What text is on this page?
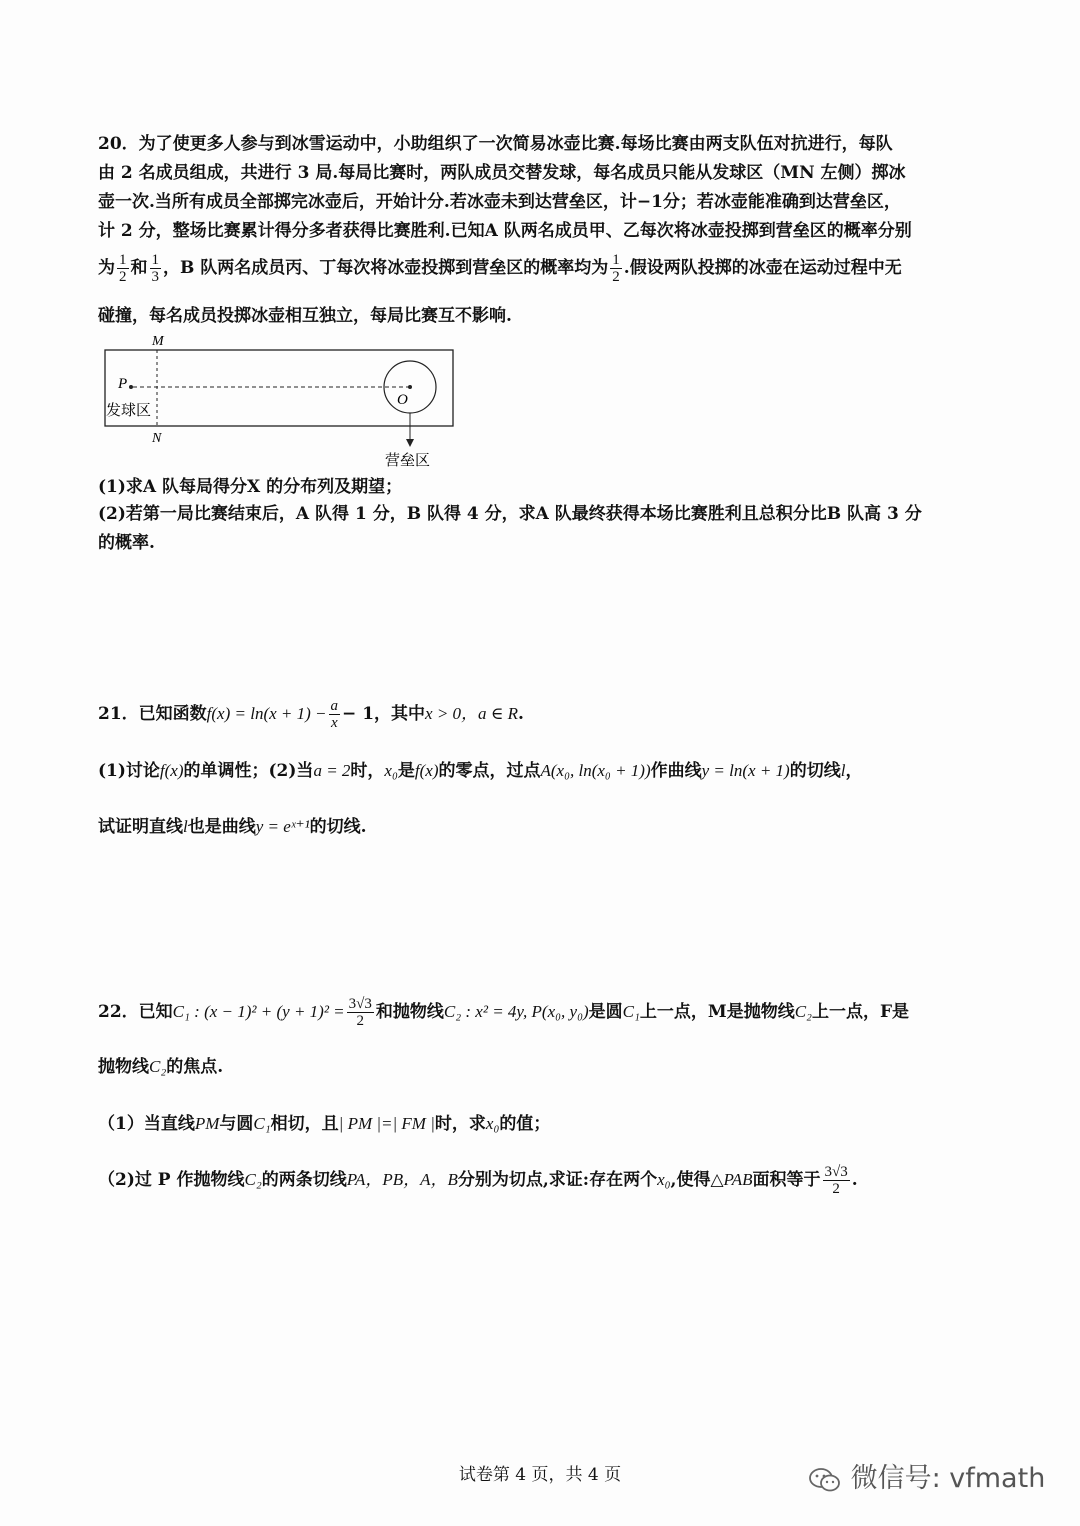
20．为了使更多人参与到冰雪运动中，小助组织了一次简易冰壶比赛.每场比赛由两支队伍对抗进行，每队
由 2 名成员组成，共进行 3 局.每局比赛时，两队成员交替发球，每名成员只能从发球区（MN 左侧）掷冰
壶一次.当所有成员全部掷完冰壶后，开始计分.若冰壶未到达营垒区，计−1分；若冰壶能准确到达营垒区，
计 2 分，整场比赛累计得分多者获得比赛胜利.已知A 队两名成员甲、乙每次将冰壶投掷到营垒区的概率分别
为 $\frac{1}{2}$ 和 $\frac{1}{3}$ ，B 队两名成员丙、丁每次将冰壶投掷到营垒区的概率均为 $\frac{1}{2}$ .假设两队投掷的冰壶在运动过程中无
碰撞，每名成员投掷冰壶相互独立，每局比赛互不影响.
M
N
P
O
发球区
营垒区
(1)求A 队每局得分X 的分布列及期望；
(2)若第一局比赛结束后，A 队得 1 分，B 队得 4 分，求A 队最终获得本场比赛胜利且总积分比B 队高 3 分
的概率.
21．已知函数$f(x) = \ln(x + 1) - \frac{a}{x} - 1$，其中x > 0，a ∈ R.
(1)讨论f(x)的单调性；(2)当a = 2时，x₀是f(x)的零点，过点A(x₀, ln(x₀ + 1))作曲线y = ln(x + 1)的切线l，
试证明直线l也是曲线y = eˣ⁺¹的切线.
22．已知C₁ : $(x - 1)^2 + (y + 1)^2 = \frac{3√3}{2}$ 和抛物线C₂ : x² = 4y, P(x₀, y₀)是圆C₁上一点，M是抛物线C₂上一点，F是
抛物线C₂的焦点.
（1）当直线PM与圆C₁相切，且| PM |=| FM |时，求x₀的值；
（2)过 P 作抛物线C₂的两条切线PA，PB，A，B分别为切点,求证:存在两个x₀,使得△PAB面积等于 $\frac{3√3}{2}$ .
试卷第 4 页，共 4 页	微信号: vfmath
